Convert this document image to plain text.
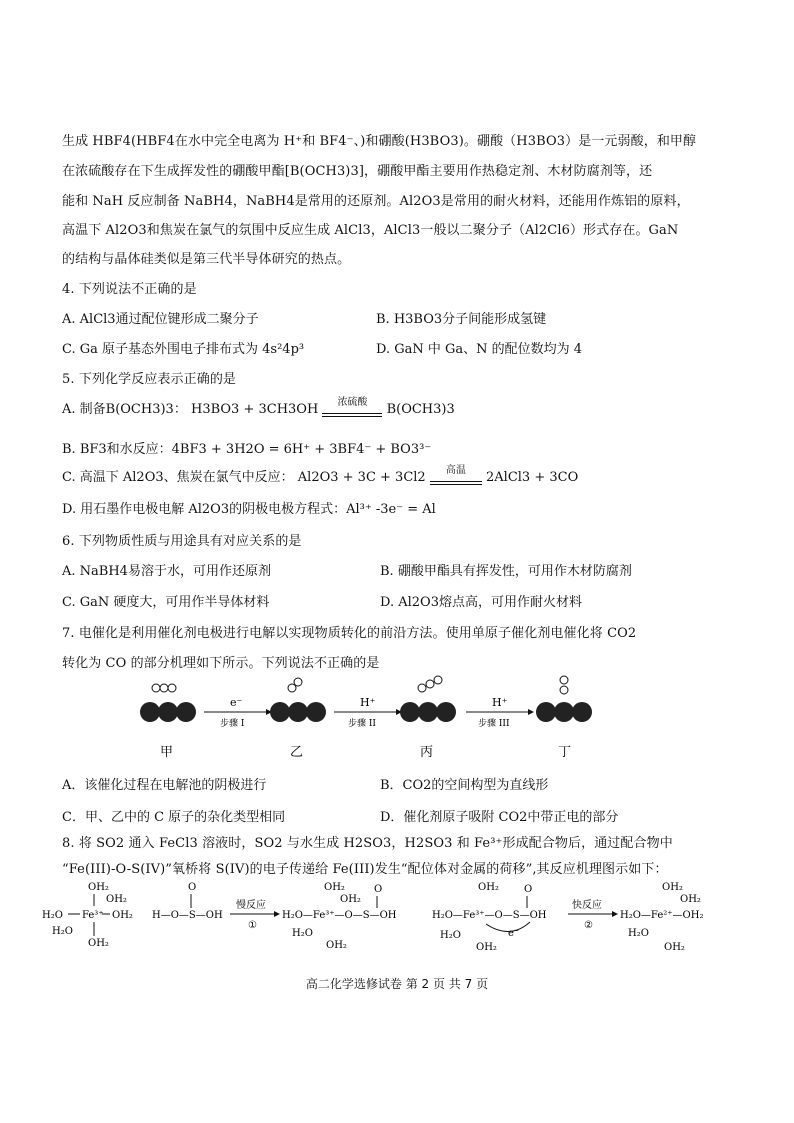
生成 HBF4(HBF4在水中完全电离为 H⁺和 BF4⁻、)和硼酸(H3BO3)。硼酸（H3BO3）是一元弱酸，和甲醇
在浓硫酸存在下生成挥发性的硼酸甲酯[B(OCH3)3]，硼酸甲酯主要用作热稳定剂、木材防腐剂等，还
能和 NaH 反应制备 NaBH4，NaBH4是常用的还原剂。Al2O3是常用的耐火材料，还能用作炼铝的原料，
高温下 Al2O3和焦炭在氯气的氛围中反应生成 AlCl3，AlCl3一般以二聚分子（Al2Cl6）形式存在。GaN
的结构与晶体硅类似是第三代半导体研究的热点。
4. 下列说法不正确的是
A. AlCl3通过配位键形成二聚分子	B. H3BO3分子间能形成氢键
C. Ga 原子基态外围电子排布式为 4s²4p³	D. GaN 中 Ga、N 的配位数均为 4
5. 下列化学反应表示正确的是
A. 制备B(OCH3)3： H3BO3 + 3CH3OH	浓硫酸	B(OCH3)3
B. BF3和水反应：4BF3 + 3H2O = 6H⁺ + 3BF4⁻ + BO3³⁻
C. 高温下 Al2O3、焦炭在氯气中反应： Al2O3 + 3C + 3Cl2	高温	2AlCl3 + 3CO
D. 用石墨作电极电解 Al2O3的阴极电极方程式：Al³⁺ -3e⁻ = Al
6. 下列物质性质与用途具有对应关系的是
A. NaBH4易溶于水，可用作还原剂	B. 硼酸甲酯具有挥发性，可用作木材防腐剂
C. GaN 硬度大，可用作半导体材料	D. Al2O3熔点高，可用作耐火材料
7. 电催化是利用催化剂电极进行电解以实现物质转化的前沿方法。使用单原子催化剂电催化将 CO2
转化为 CO 的部分机理如下所示。下列说法不正确的是
甲
e⁻
步骤 I
乙
H⁺
步骤 II
丙
H⁺
步骤 III
丁
A．该催化过程在电解池的阴极进行	B．CO2的空间构型为直线形
C．甲、乙中的 C 原子的杂化类型相同	D．催化剂原子吸附 CO2中带正电的部分
8. 将 SO2 通入 FeCl3 溶液时，SO2 与水生成 H2SO3，H2SO3 和 Fe³⁺形成配合物后，通过配合物中
“Fe(III)-O-S(IV)”氧桥将 S(IV)的电子传递给 Fe(III)发生“配位体对金属的荷移”,其反应机理图示如下：
OH₂
OH₂
H₂O Fe³⁺ OH₂
H₂O
OH₂
O
H—O—S—OH
慢反应
①
OH₂
OH₂
O
H₂O—Fe³⁺—O—S—OH
H₂O
OH₂
OH₂	O
H₂O—Fe³⁺—O—S—OH
H₂O
OH₂
e⁻
快反应
②
OH₂
OH₂
H₂O—Fe²⁺—OH₂
H₂O
OH₂
高二化学选修试卷 第 2 页 共 7 页
